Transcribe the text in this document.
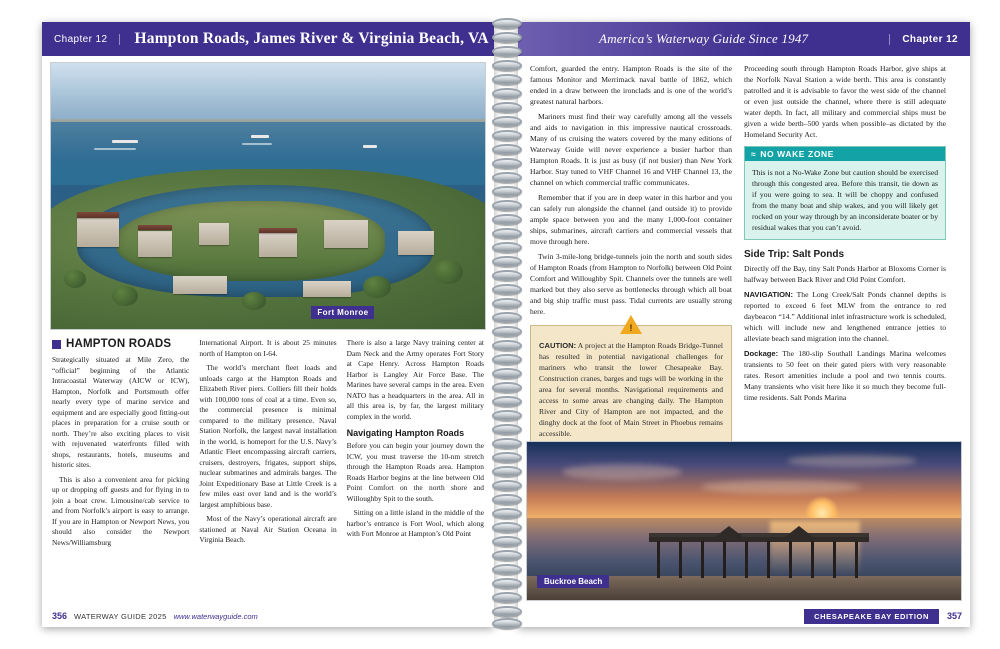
Chapter 12	Hampton Roads, James River & Virginia Beach, VA
Fort Monroe
HAMPTON ROADS

Strategically situated at Mile Zero, the “official” beginning of the Atlantic Intracoastal Waterway (AICW or ICW), Hampton, Norfolk and Portsmouth offer nearly every type of marine service and equipment and are especially good fitting-out places in preparation for a cruise south or north. They’re also exciting places to visit with rejuvenated waterfronts filled with shops, restaurants, hotels, museums and historic sites.

This is also a convenient area for picking up or dropping off guests and for flying in to join a boat crew. Limousine/cab service to and from Norfolk’s airport is easy to arrange. If you are in Hampton or Newport News, you should also consider the Newport News/Williamsburg

International Airport. It is about 25 minutes north of Hampton on I-64.

The world’s merchant fleet loads and unloads cargo at the Hampton Roads and Elizabeth River piers. Colliers fill their holds with 100,000 tons of coal at a time. Even so, the commercial presence is minimal compared to the military presence. Naval Station Norfolk, the largest naval installation in the world, is homeport for the U.S. Navy’s Atlantic Fleet encompassing aircraft carriers, cruisers, destroyers, frigates, support ships, nuclear submarines and admirals barges. The Joint Expeditionary Base at Little Creek is a few miles east over land and is the world’s largest amphibious base.

Most of the Navy’s operational aircraft are stationed at Naval Air Station Oceana in Virginia Beach.

There is also a large Navy training center at Dam Neck and the Army operates Fort Story at Cape Henry. Across Hampton Roads Harbor is Langley Air Force Base. The Marines have several camps in the area. Even NATO has a headquarters in the area. All in all this area is, by far, the largest military complex in the world.

Navigating Hampton Roads

Before you can begin your journey down the ICW, you must traverse the 10-nm stretch through the Hampton Roads area. Hampton Roads Harbor begins at the line between Old Point Comfort on the north shore and Willoughby Spit to the south.

Sitting on a little island in the middle of the harbor’s entrance is Fort Wool, which along with Fort Monroe at Hampton’s Old Point

356 WATERWAY GUIDE 2025 www.waterwayguide.com
America’s Waterway Guide Since 1947	Chapter 12

Comfort, guarded the entry. Hampton Roads is the site of the famous Monitor and Merrimack naval battle of 1862, which ended in a draw between the ironclads and is one of the world’s greatest natural harbors.

Mariners must find their way carefully among all the vessels and aids to navigation in this impressive nautical crossroads. Many of us cruising the waters covered by the many editions of Waterway Guide will never experience a busier harbor than Hampton Roads. It is just as busy (if not busier) than New York Harbor. Stay tuned to VHF Channel 16 and VHF Channel 13, the channel on which commercial traffic communicates.

Remember that if you are in deep water in this harbor and you can safely run alongside the channel (and outside it) to provide ample space between you and the many 1,000-foot container ships, submarines, aircraft carriers and commercial vessels that move through here.

Twin 3-mile-long bridge-tunnels join the north and south sides of Hampton Roads (from Hampton to Norfolk) between Old Point Comfort and Willoughby Spit. Channels over the tunnels are well marked but they also serve as bottlenecks through which all boat and big ship traffic must pass. Tidal currents are usually strong here.

!

CAUTION: A project at the Hampton Roads Bridge-Tunnel has resulted in potential navigational challenges for mariners who transit the lower Chesapeake Bay. Construction cranes, barges and tugs will be working in the area for several months. Navigational requirements and access to some areas are changing daily. The Hampton River and City of Hampton are not impacted, and the dinghy dock at the foot of Main Street in Phoebus remains accessible.

Proceeding south through Hampton Roads Harbor, give ships at the Norfolk Naval Station a wide berth. This area is constantly patrolled and it is advisable to favor the west side of the channel or even just outside the channel, where there is still adequate water depth. In fact, all military and commercial ships must be given a wide berth–500 yards when possible–as dictated by the Homeland Security Act.

≈ NO WAKE ZONE

This is not a No-Wake Zone but caution should be exercised through this congested area. Before this transit, tie down as if you were going to sea. It will be choppy and confused from the many boat and ship wakes, and you will likely get rocked on your way through by an inconsiderate boater or by residual wakes that you can’t avoid.

Side Trip: Salt Ponds

Directly off the Bay, tiny Salt Ponds Harbor at Bloxoms Corner is halfway between Back River and Old Point Comfort.

NAVIGATION: The Long Creek/Salt Ponds channel depths is reported to exceed 6 feet MLW from the entrance to red daybeacon “14.” Additional inlet infrastructure work is scheduled, which will include new and lengthened entrance jetties to alleviate beach sand migration into the channel.

Dockage: The 180-slip Southall Landings Marina welcomes transients to 50 feet on their gated piers with very reasonable rates. Resort amenities include a pool and two tennis courts. Many transients who visit here like it so much they become full-time residents. Salt Ponds Marina

Buckroe Beach
CHESAPEAKE BAY EDITION	357
